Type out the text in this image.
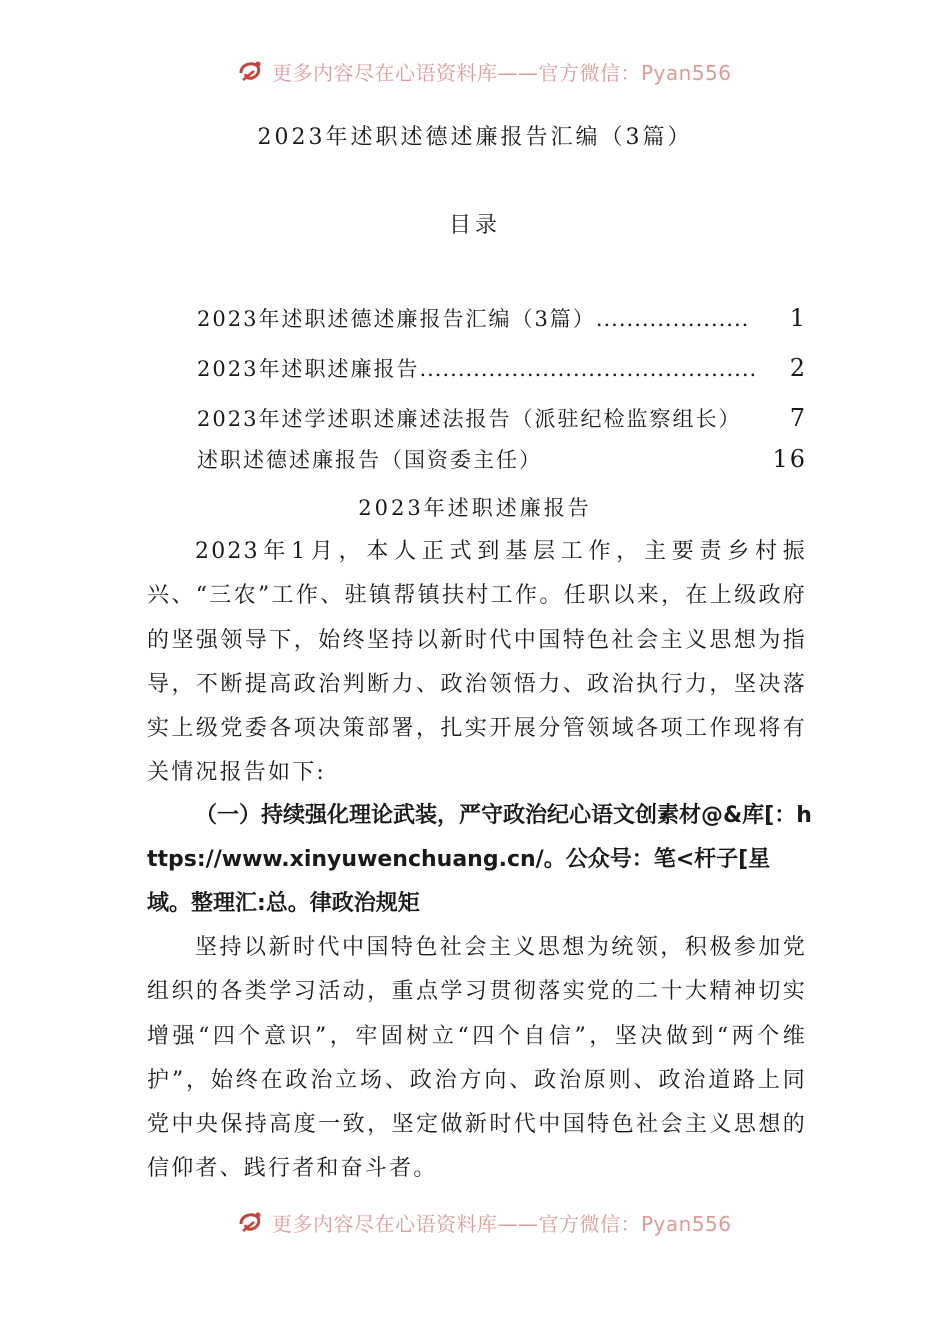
更多内容尽在心语资料库——官方微信：Pyan556
2023年述职述德述廉报告汇编（3篇）
目录
2023年述职述德述廉报告汇编（3篇） ....................	1
2023年述职述廉报告 ............................................	2
2023年述学述职述廉述法报告（派驻纪检监察组长） 7
述职述德述廉报告（国资委主任）	16
2023年述职述廉报告
2023年1月，本人正式到基层工作，主要责乡村振兴、“三农”工作、驻镇帮镇扶村工作。任职以来，在上级政府的坚强领导下，始终坚持以新时代中国特色社会主义思想为指导，不断提高政治判断力、政治领悟力、政治执行力，坚决落实上级党委各项决策部署，扎实开展分管领域各项工作现将有关情况报告如下:
（一）持续强化理论武装，严守政治纪心语文创素材@&库[：https://www.xinyuwenchuang.cn/。公众号：笔<杆子[星域。整理汇:总。律政治规矩
坚持以新时代中国特色社会主义思想为统领，积极参加党组织的各类学习活动，重点学习贯彻落实党的二十大精神切实增强“四个意识”，牢固树立“四个自信”，坚决做到“两个维护”，始终在政治立场、政治方向、政治原则、政治道路上同党中央保持高度一致，坚定做新时代中国特色社会主义思想的信仰者、践行者和奋斗者。
更多内容尽在心语资料库——官方微信：Pyan556
